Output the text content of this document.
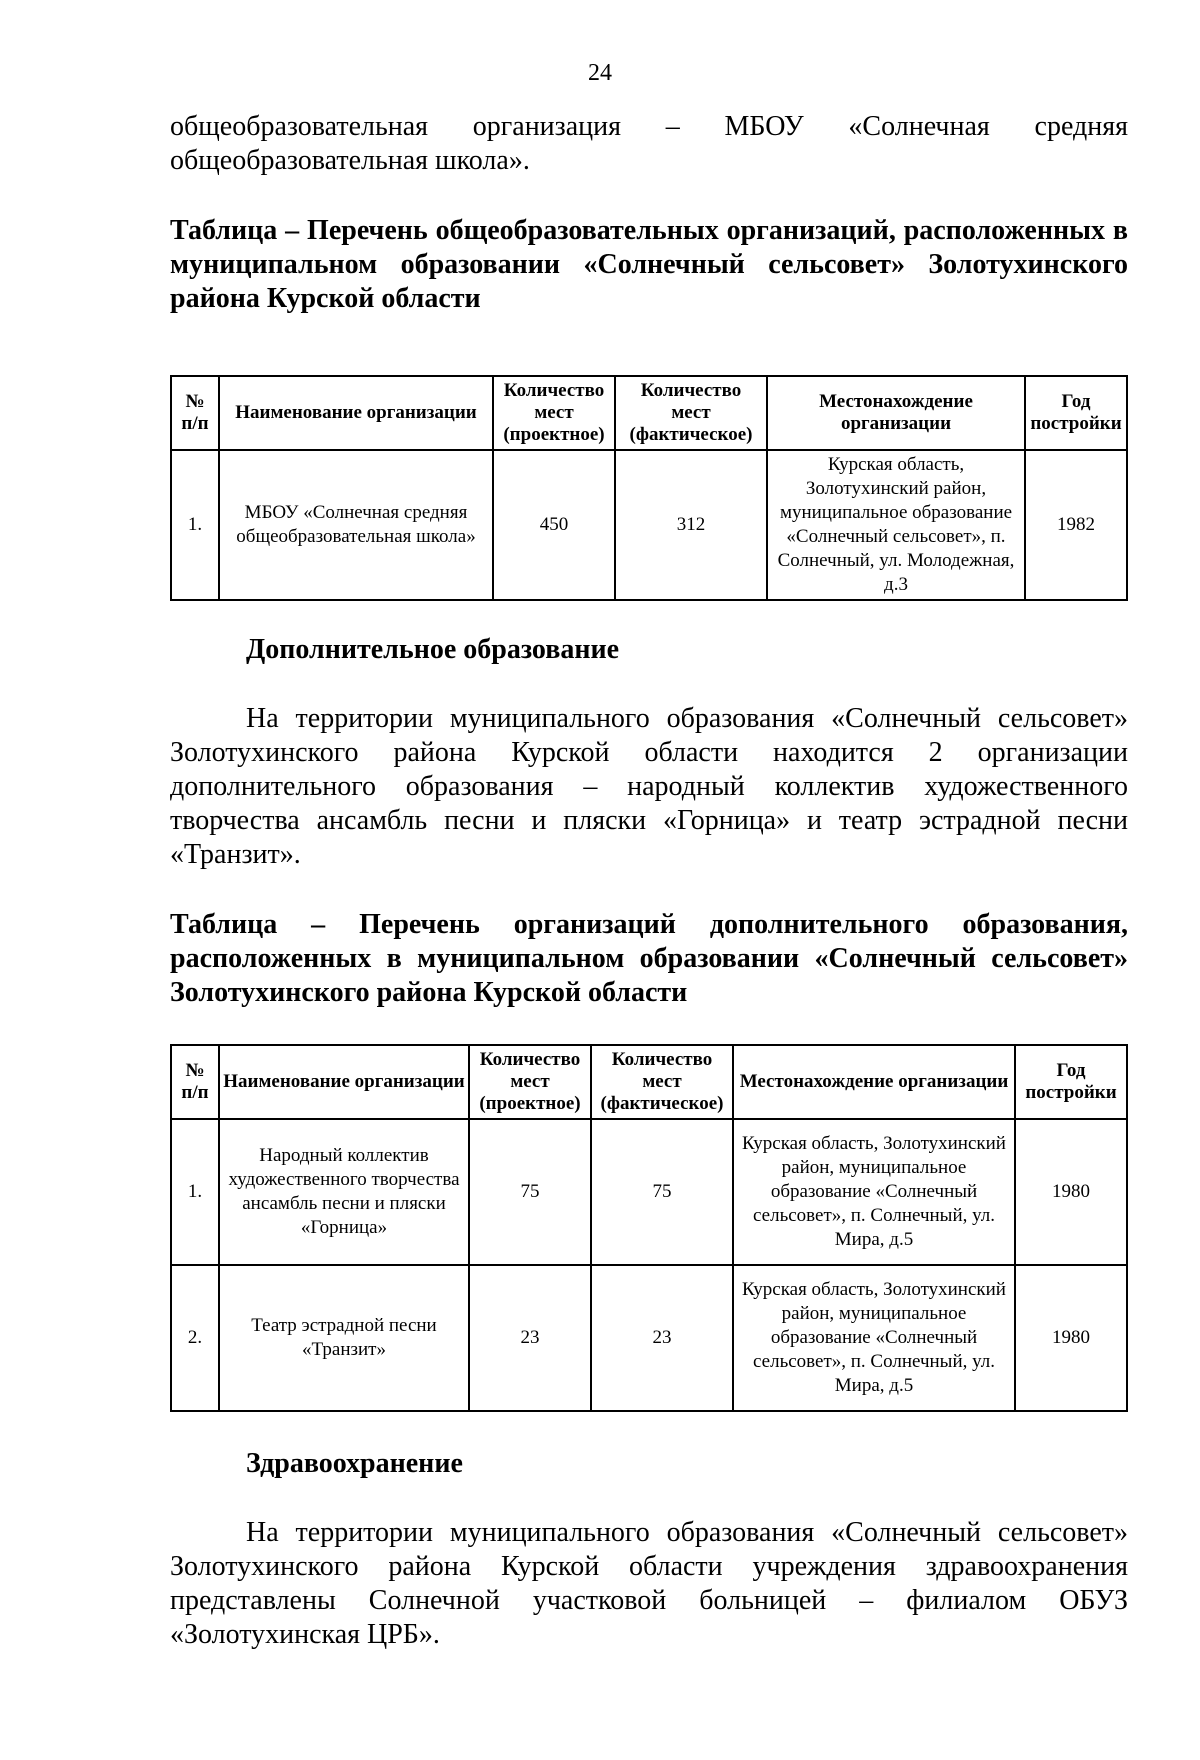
24
общеобразовательная организация – МБОУ «Солнечная средняя общеобразовательная школа».
Таблица – Перечень общеобразовательных организаций, расположенных в муниципальном образовании «Солнечный сельсовет» Золотухинского района Курской области
№ п/п	Наименование организации	Количество мест (проектное)	Количество мест (фактическое)	Местонахождение организации	Год постройки
1.	МБОУ «Солнечная средняя общеобразовательная школа»	450	312	Курская область, Золотухинский район, муниципальное образование «Солнечный сельсовет», п. Солнечный, ул. Молодежная, д.3	1982
Дополнительное образование
На территории муниципального образования «Солнечный сельсовет» Золотухинского района Курской области находится 2 организации дополнительного образования – народный коллектив художественного творчества ансамбль песни и пляски «Горница» и театр эстрадной песни «Транзит».
Таблица – Перечень организаций дополнительного образования, расположенных в муниципальном образовании «Солнечный сельсовет» Золотухинского района Курской области
№ п/п	Наименование организации	Количество мест (проектное)	Количество мест (фактическое)	Местонахождение организации	Год постройки
1.	Народный коллектив художественного творчества ансамбль песни и пляски «Горница»	75	75	Курская область, Золотухинский район, муниципальное образование «Солнечный сельсовет», п. Солнечный, ул. Мира, д.5	1980
2.	Театр эстрадной песни «Транзит»	23	23	Курская область, Золотухинский район, муниципальное образование «Солнечный сельсовет», п. Солнечный, ул. Мира, д.5	1980
Здравоохранение
На территории муниципального образования «Солнечный сельсовет» Золотухинского района Курской области учреждения здравоохранения представлены Солнечной участковой больницей – филиалом ОБУЗ «Золотухинская ЦРБ».
